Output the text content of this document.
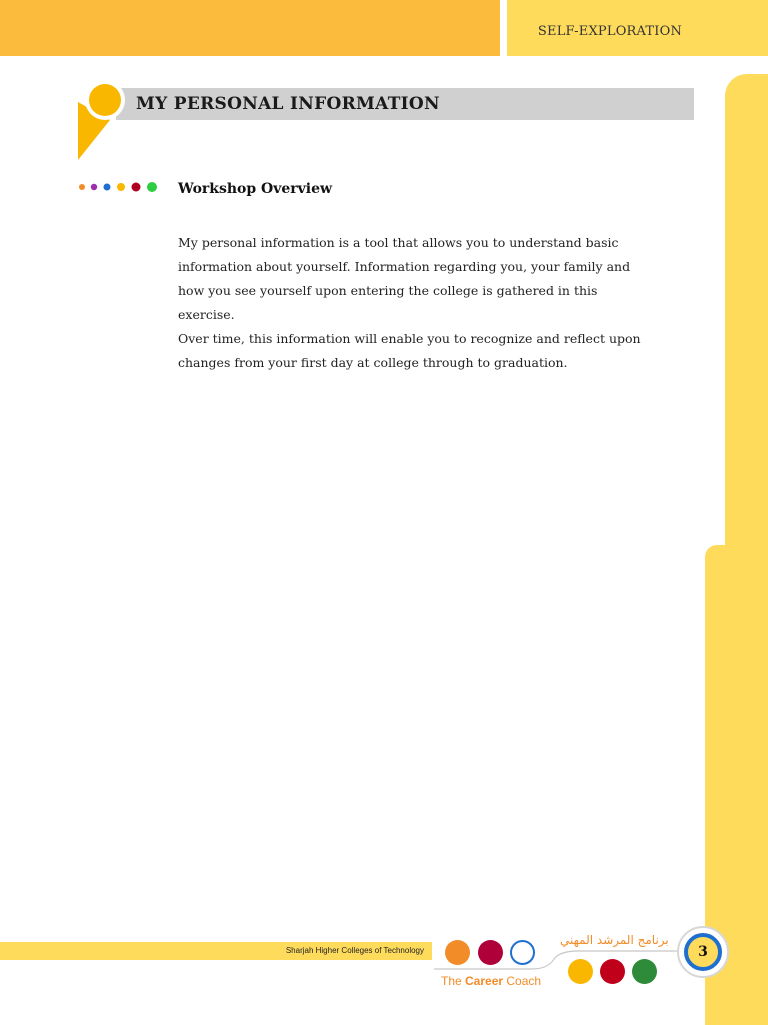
SELF-EXPLORATION
MY PERSONAL INFORMATION
Workshop Overview

My personal information is a tool that allows you to understand basic

information about yourself. Information regarding you, your family and

how you see yourself upon entering the college is gathered in this exercise.

Over time, this information will enable you to recognize and reflect upon

changes from your first day at college through to graduation.

Sharjah Higher Colleges of Technology
برنامج المرشد المهني
The Career Coach
3
